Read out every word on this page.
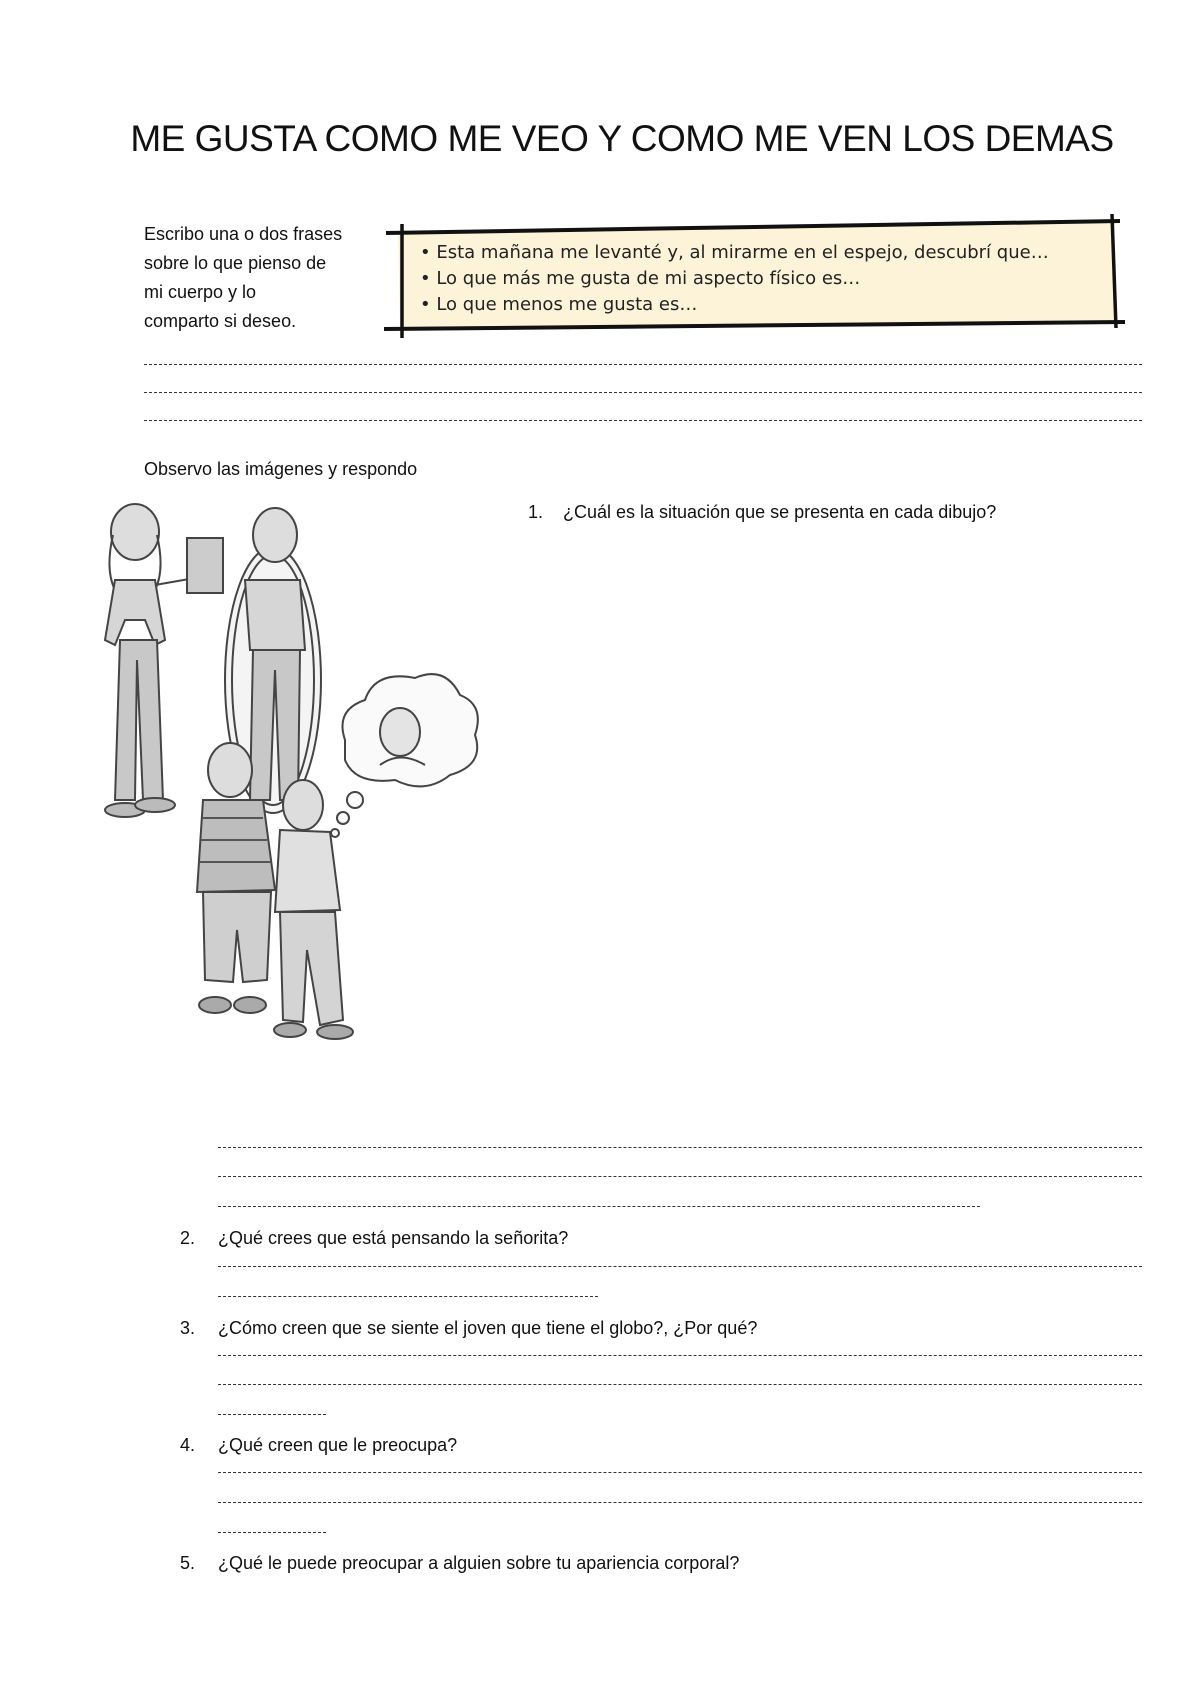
ME GUSTA COMO ME VEO Y COMO ME VEN LOS DEMAS
Escribo una o dos frases
sobre lo que pienso de
mi cuerpo y lo
comparto si deseo.
• Esta mañana me levanté y, al mirarme en el espejo, descubrí que…
• Lo que más me gusta de mi aspecto físico es…
• Lo que menos me gusta es…
Observo las imágenes y respondo
1. ¿Cuál es la situación que se presenta en cada dibujo?
2. ¿Qué crees que está pensando la señorita?
3. ¿Cómo creen que se siente el joven que tiene el globo?, ¿Por qué?
4. ¿Qué creen que le preocupa?
5. ¿Qué le puede preocupar a alguien sobre tu apariencia corporal?
